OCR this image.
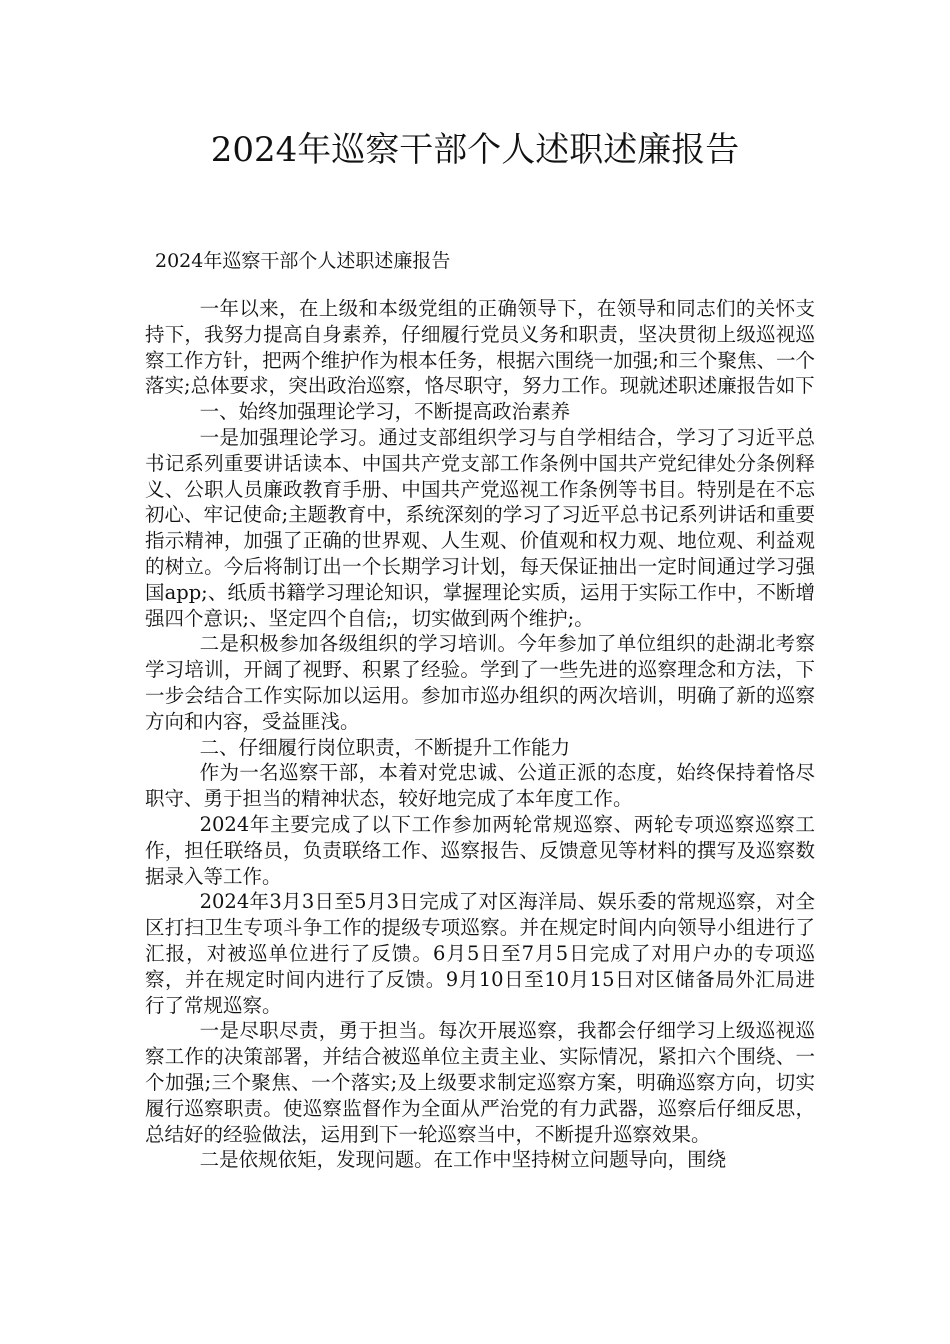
2024年巡察干部个人述职述廉报告
2024年巡察干部个人述职述廉报告

一年以来，在上级和本级党组的正确领导下，在领导和同志们的关怀支持下，我努力提高自身素养，仔细履行党员义务和职责，坚决贯彻上级巡视巡察工作方针，把两个维护作为根本任务，根据六围绕一加强;和三个聚焦、一个落实;总体要求，突出政治巡察，恪尽职守，努力工作。现就述职述廉报告如下

一、始终加强理论学习，不断提高政治素养

一是加强理论学习。通过支部组织学习与自学相结合，学习了习近平总书记系列重要讲话读本、中国共产党支部工作条例中国共产党纪律处分条例释义、公职人员廉政教育手册、中国共产党巡视工作条例等书目。特别是在不忘初心、牢记使命;主题教育中，系统深刻的学习了习近平总书记系列讲话和重要指示精神，加强了正确的世界观、人生观、价值观和权力观、地位观、利益观的树立。今后将制订出一个长期学习计划，每天保证抽出一定时间通过学习强国app;、纸质书籍学习理论知识，掌握理论实质，运用于实际工作中，不断增强四个意识;、坚定四个自信;，切实做到两个维护;。

二是积极参加各级组织的学习培训。今年参加了单位组织的赴湖北考察学习培训，开阔了视野、积累了经验。学到了一些先进的巡察理念和方法，下一步会结合工作实际加以运用。参加市巡办组织的两次培训，明确了新的巡察方向和内容，受益匪浅。

二、仔细履行岗位职责，不断提升工作能力

作为一名巡察干部，本着对党忠诚、公道正派的态度，始终保持着恪尽职守、勇于担当的精神状态，较好地完成了本年度工作。

2024年主要完成了以下工作参加两轮常规巡察、两轮专项巡察巡察工作，担任联络员，负责联络工作、巡察报告、反馈意见等材料的撰写及巡察数据录入等工作。

2024年3月3日至5月3日完成了对区海洋局、娱乐委的常规巡察，对全区打扫卫生专项斗争工作的提级专项巡察。并在规定时间内向领导小组进行了汇报，对被巡单位进行了反馈。6月5日至7月5日完成了对用户办的专项巡察，并在规定时间内进行了反馈。9月10日至10月15日对区储备局外汇局进行了常规巡察。

一是尽职尽责，勇于担当。每次开展巡察，我都会仔细学习上级巡视巡察工作的决策部署，并结合被巡单位主责主业、实际情况，紧扣六个围绕、一个加强;三个聚焦、一个落实;及上级要求制定巡察方案，明确巡察方向，切实履行巡察职责。使巡察监督作为全面从严治党的有力武器，巡察后仔细反思，总结好的经验做法，运用到下一轮巡察当中，不断提升巡察效果。

二是依规依矩，发现问题。在工作中坚持树立问题导向，围绕
